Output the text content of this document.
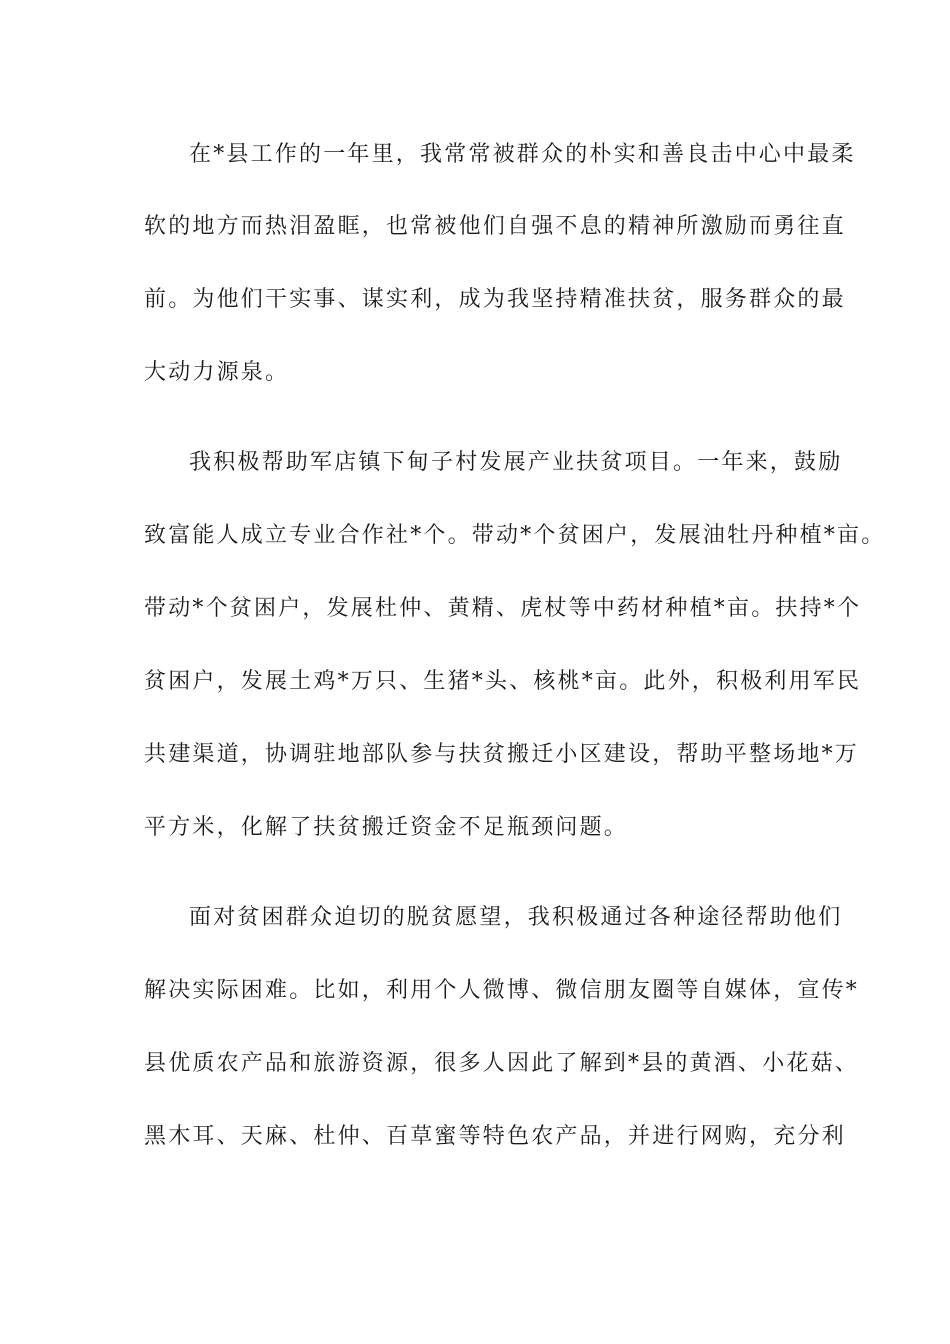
在*县工作的一年里，我常常被群众的朴实和善良击中心中最柔
软的地方而热泪盈眶，也常被他们自强不息的精神所激励而勇往直
前。为他们干实事、谋实利，成为我坚持精准扶贫，服务群众的最
大动力源泉。
我积极帮助军店镇下甸子村发展产业扶贫项目。一年来，鼓励
致富能人成立专业合作社*个。带动*个贫困户，发展油牡丹种植*亩。
带动*个贫困户，发展杜仲、黄精、虎杖等中药材种植*亩。扶持*个
贫困户，发展土鸡*万只、生猪*头、核桃*亩。此外，积极利用军民
共建渠道，协调驻地部队参与扶贫搬迁小区建设，帮助平整场地*万
平方米，化解了扶贫搬迁资金不足瓶颈问题。
面对贫困群众迫切的脱贫愿望，我积极通过各种途径帮助他们
解决实际困难。比如，利用个人微博、微信朋友圈等自媒体，宣传*
县优质农产品和旅游资源，很多人因此了解到*县的黄酒、小花菇、
黑木耳、天麻、杜仲、百草蜜等特色农产品，并进行网购，充分利
